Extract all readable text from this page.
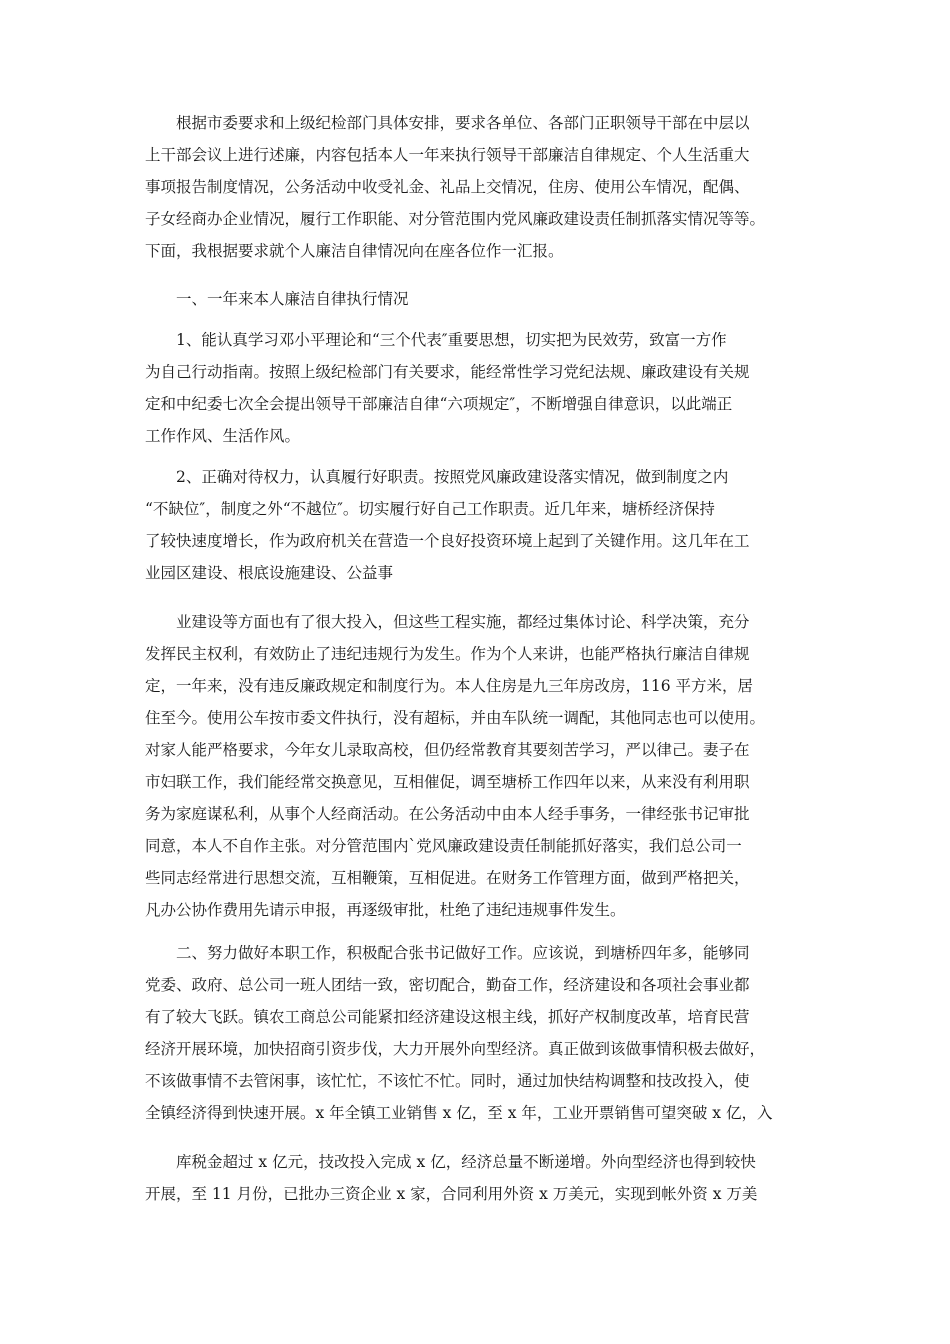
根据市委要求和上级纪检部门具体安排，要求各单位、各部门正职领导干部在中层以
上干部会议上进行述廉，内容包括本人一年来执行领导干部廉洁自律规定、个人生活重大
事项报告制度情况，公务活动中收受礼金、礼品上交情况，住房、使用公车情况，配偶、
子女经商办企业情况，履行工作职能、对分管范围内党风廉政建设责任制抓落实情况等等。
下面，我根据要求就个人廉洁自律情况向在座各位作一汇报。
一、一年来本人廉洁自律执行情况
1、能认真学习邓小平理论和“三个代表″重要思想，切实把为民效劳，致富一方作
为自己行动指南。按照上级纪检部门有关要求，能经常性学习党纪法规、廉政建设有关规
定和中纪委七次全会提出领导干部廉洁自律“六项规定″，不断增强自律意识，以此端正
工作作风、生活作风。
2、正确对待权力，认真履行好职责。按照党风廉政建设落实情况，做到制度之内
“不缺位″，制度之外“不越位″。切实履行好自己工作职责。近几年来，塘桥经济保持
了较快速度增长，作为政府机关在营造一个良好投资环境上起到了关键作用。这几年在工
业园区建设、根底设施建设、公益事
业建设等方面也有了很大投入，但这些工程实施，都经过集体讨论、科学决策，充分
发挥民主权利，有效防止了违纪违规行为发生。作为个人来讲，也能严格执行廉洁自律规
定，一年来，没有违反廉政规定和制度行为。本人住房是九三年房改房，116 平方米，居
住至今。使用公车按市委文件执行，没有超标，并由车队统一调配，其他同志也可以使用。
对家人能严格要求，今年女儿录取高校，但仍经常教育其要刻苦学习，严以律己。妻子在
市妇联工作，我们能经常交换意见，互相催促，调至塘桥工作四年以来，从来没有利用职
务为家庭谋私利，从事个人经商活动。在公务活动中由本人经手事务，一律经张书记审批
同意，本人不自作主张。对分管范围内`党风廉政建设责任制能抓好落实，我们总公司一
些同志经常进行思想交流，互相鞭策，互相促进。在财务工作管理方面，做到严格把关，
凡办公协作费用先请示申报，再逐级审批，杜绝了违纪违规事件发生。
二、努力做好本职工作，积极配合张书记做好工作。应该说，到塘桥四年多，能够同
党委、政府、总公司一班人团结一致，密切配合，勤奋工作，经济建设和各项社会事业都
有了较大飞跃。镇农工商总公司能紧扣经济建设这根主线，抓好产权制度改革，培育民营
经济开展环境，加快招商引资步伐，大力开展外向型经济。真正做到该做事情积极去做好，
不该做事情不去管闲事，该忙忙，不该忙不忙。同时，通过加快结构调整和技改投入，使
全镇经济得到快速开展。x 年全镇工业销售 x 亿，至 x 年，工业开票销售可望突破 x 亿，入
库税金超过 x 亿元，技改投入完成 x 亿，经济总量不断递增。外向型经济也得到较快
开展，至 11 月份，已批办三资企业 x 家，合同利用外资 x 万美元，实现到帐外资 x 万美
